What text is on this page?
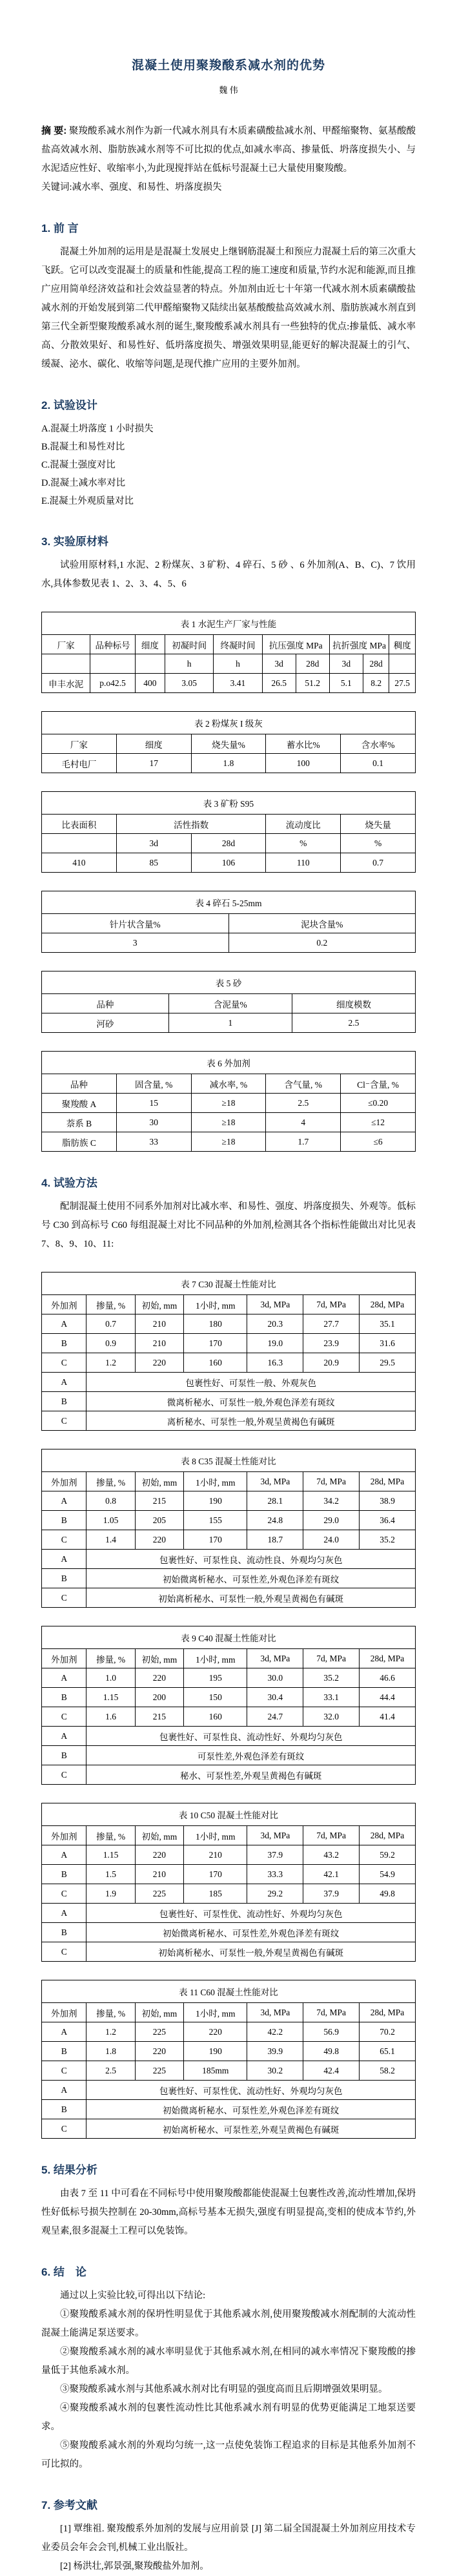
混凝土使用聚羧酸系减水剂的优势
魏 伟

摘 要: 聚羧酸系减水剂作为新一代减水剂具有木质素磺酸盐减水剂、甲醛缩聚物、氨基酸酸盐高效减水剂、脂肪族减水剂等不可比拟的优点,如减水率高、掺量低、坍落度损失小、与水泥适应性好、收缩率小,为此现搅拌站在低标号混凝土已大量使用聚羧酸。

关键词:减水率、强度、和易性、坍落度损失

1. 前 言

混凝土外加剂的运用是是混凝土发展史上继钢筋混凝土和预应力混凝土后的第三次重大飞跃。它可以改变混凝土的质量和性能,提高工程的施工速度和质量,节约水泥和能源,而且推广应用简单经济效益和社会效益显著的特点。外加剂由近七十年第一代减水剂木质素磺酸盐减水剂的开始发展到第二代甲醛缩聚物又陆续出氨基酸酸盐高效减水剂、脂肪族减水剂直到第三代全新型聚羧酸系减水剂的诞生,聚羧酸系减水剂具有一些独特的优点:掺量低、减水率高、分散效果好、和易性好、低坍落度损失、增强效果明显,能更好的解决混凝土的引气、缓凝、泌水、碳化、收缩等问题,是现代推广应用的主要外加剂。

2. 试验设计

A.混凝土坍落度 1 小时损失

B.混凝土和易性对比

C.混凝土强度对比

D.混凝土减水率对比

E.混凝土外观质量对比

3. 实验原材料

试验用原材料,1 水泥、2 粉煤灰、3 矿粉、4 碎石、5 砂 、6 外加剂(A、B、C)、7 饮用水,具体参数见表 1、2、3、4、5、6

表 1 水泥生产厂家与性能									
厂家	品种标号	细度	初凝时间	终凝时间	抗压强度 MPa		抗折强度 MPa		稠度
			h	h	3d	28d	3d	28d	
申丰水泥	p.o42.5	400	3.05	3.41	26.5	51.2	5.1	8.2	27.5
表 2 粉煤灰 I 级灰				
厂家	细度	烧失量%	蓄水比%	含水率%
毛村电厂	17	1.8	100	0.1
表 3 矿粉 S95				
比表面积	活性指数		流动度比	烧失量
	3d	28d	%	%
410	85	106	110	0.7
表 4 碎石 5-25mm	
针片状含量%	泥块含量%
3	0.2
表 5 砂		
品种	含泥量%	细度模数
河砂	1	2.5
表 6 外加剂				
品种	固含量, %	减水率, %	含气量, %	Cl⁻含量, %
聚羧酸 A	15	≥18	2.5	≤0.20
萘系 B	30	≥18	4	≤12
脂肪族 C	33	≥18	1.7	≤6
4. 试验方法

配制混凝土使用不同系外加剂对比减水率、和易性、强度、坍落度损失、外观等。低标号 C30 到高标号 C60 每组混凝土对比不同品种的外加剂,检测其各个指标性能做出对比见表 7、8、9、10、11:

表 7 C30 混凝土性能对比						
外加剂	掺量, %	初始, mm	1小时, mm	3d, MPa	7d, MPa	28d, MPa
A	0.7	210	180	20.3	27.7	35.1
B	0.9	210	170	19.0	23.9	31.6
C	1.2	220	160	16.3	20.9	29.5
A	包裹性好、可泵性一般、外观灰色					
B	微离析秘水、可泵性一般,外观色泽差有斑纹					
C	离析秘水、可泵性一般,外观呈黄褐色有碱斑					
表 8 C35 混凝土性能对比						
外加剂	掺量, %	初始, mm	1小时, mm	3d, MPa	7d, MPa	28d, MPa
A	0.8	215	190	28.1	34.2	38.9
B	1.05	205	155	24.8	29.0	36.4
C	1.4	220	170	18.7	24.0	35.2
A	包裹性好、可泵性良、流动性良、外观均匀灰色					
B	初始微离析秘水、可泵性差,外观色泽差有斑纹					
C	初始离析秘水、可泵性一般,外观呈黄褐色有碱斑					
表 9 C40 混凝土性能对比						
外加剂	掺量, %	初始, mm	1小时, mm	3d, MPa	7d, MPa	28d, MPa
A	1.0	220	195	30.0	35.2	46.6
B	1.15	200	150	30.4	33.1	44.4
C	1.6	215	160	24.7	32.0	41.4
A	包裹性好、可泵性良、流动性好、外观均匀灰色					
B	可泵性差,外观色泽差有斑纹					
C	秘水、可泵性差,外观呈黄褐色有碱斑					
表 10 C50 混凝土性能对比						
外加剂	掺量, %	初始, mm	1小时, mm	3d, MPa	7d, MPa	28d, MPa
A	1.15	220	210	37.9	43.2	59.2
B	1.5	210	170	33.3	42.1	54.9
C	1.9	225	185	29.2	37.9	49.8
A	包裹性好、可泵性优、流动性好、外观均匀灰色					
B	初始微离析秘水、可泵性差,外观色泽差有斑纹					
C	初始离析秘水、可泵性一般,外观呈黄褐色有碱斑					
表 11 C60 混凝土性能对比						
外加剂	掺量, %	初始, mm	1小时, mm	3d, MPa	7d, MPa	28d, MPa
A	1.2	225	220	42.2	56.9	70.2
B	1.8	220	190	39.9	49.8	65.1
C	2.5	225	185mm	30.2	42.4	58.2
A	包裹性好、可泵性优、流动性好、外观均匀灰色					
B	初始微离析秘水、可泵性差,外观色泽差有斑纹					
C	初始离析秘水、可泵性差,外观呈黄褐色有碱斑					
5. 结果分析

由表 7 至 11 中可看在不同标号中使用聚羧酸都能使混凝土包裹性改善,流动性增加,保坍性好低标号损失控制在 20-30mm,高标号基本无损失,强度有明显提高,变相的使成本节约,外观呈素,很多混凝土工程可以免装饰。

6. 结　论

通过以上实验比较,可得出以下结论:

①聚羧酸系减水剂的保坍性明显优于其他系减水剂,使用聚羧酸减水剂配制的大流动性混凝土能满足泵送要求。

②聚羧酸系减水剂的减水率明显优于其他系减水剂,在相同的减水率情况下聚羧酸的掺量低于其他系减水剂。

③聚羧酸系减水剂与其他系减水剂对比有明显的强度高而且后期增强效果明显。

④聚羧酸系减水剂的包裹性流动性比其他系减水剂有明显的优势更能满足工地泵送要求。

⑤聚羧酸系减水剂的外观均匀统一,这一点使免装饰工程追求的目标是其他系外加剂不可比拟的。

7. 参考文献

[1] 覃维祖. 聚羧酸系外加剂的发展与应用前景 [J] 第二届全国混凝土外加剂应用技术专业委员会年会会刊,机械工业出版社。

[2] 杨洪壮,郭景强,聚羧酸盐外加剂。
